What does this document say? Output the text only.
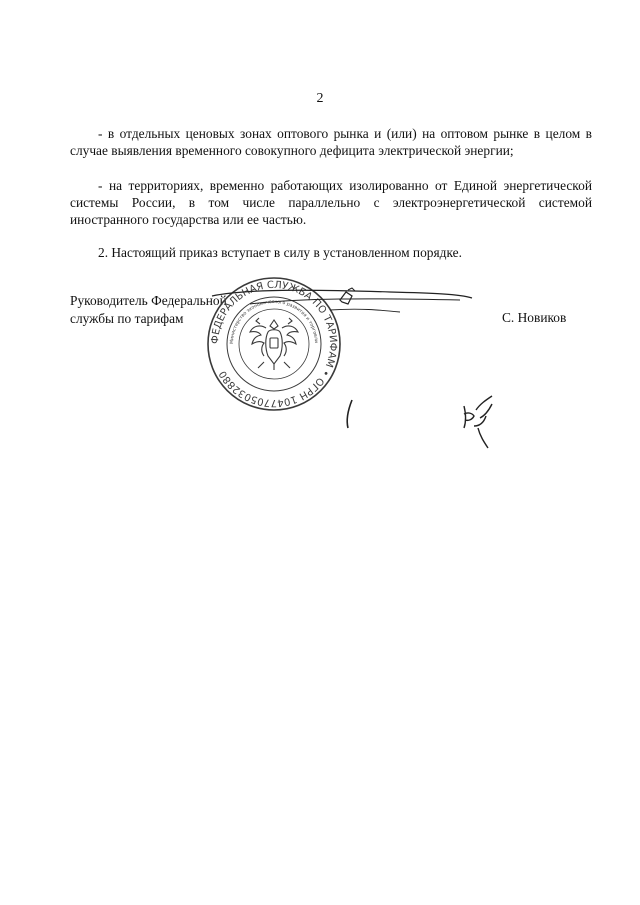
2

- в отдельных ценовых зонах оптового рынка и (или) на оптовом рынке в целом в случае выявления временного совокупного дефицита электрической энергии;

- на территориях, временно работающих изолированно от Единой энергетической системы России, в том числе параллельно с электроэнергетической системой иностранного государства или ее частью.

2. Настоящий приказ вступает в силу в установленном порядке.

Руководитель Федеральной
службы по тарифам	С. Новиков
ФЕДЕРАЛЬНАЯ СЛУЖБА ПО ТАРИФАМ • ОГРН 1047705032880
Министерство экономического развития и торговли
